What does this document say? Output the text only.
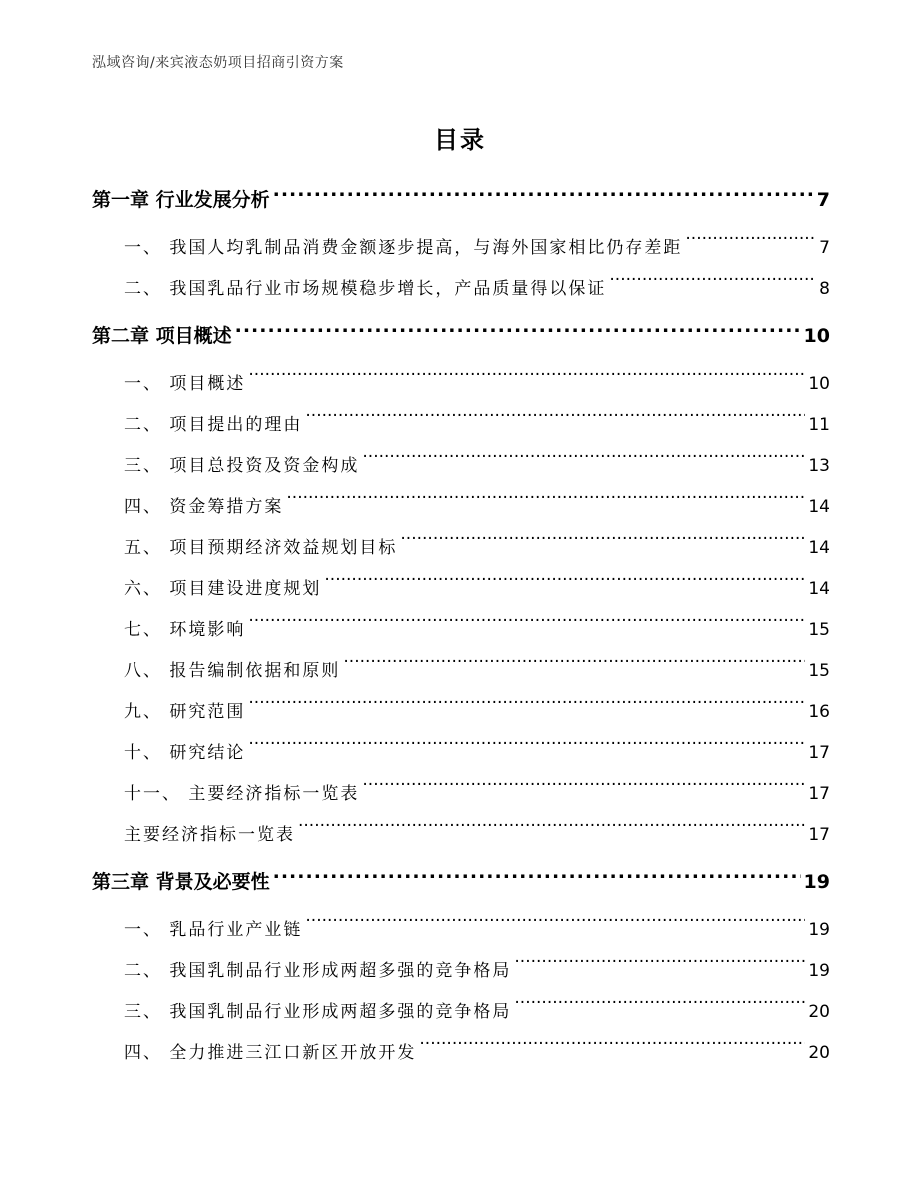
泓域咨询/来宾液态奶项目招商引资方案
目录
第一章 行业发展分析 .....	7
一、 我国人均乳制品消费金额逐步提高，与海外国家相比仍存差距 .....	7
二、 我国乳品行业市场规模稳步增长，产品质量得以保证 .....	8
第二章 项目概述 .....	10
一、 项目概述 .....	10
二、 项目提出的理由 .....	11
三、 项目总投资及资金构成 .....	13
四、 资金筹措方案 .....	14
五、 项目预期经济效益规划目标 .....	14
六、 项目建设进度规划 .....	14
七、 环境影响 .....	15
八、 报告编制依据和原则 .....	15
九、 研究范围 .....	16
十、 研究结论 .....	17
十一、 主要经济指标一览表 .....	17
主要经济指标一览表 .....	17
第三章 背景及必要性 .....	19
一、 乳品行业产业链 .....	19
二、 我国乳制品行业形成两超多强的竞争格局 .....	19
三、 我国乳制品行业形成两超多强的竞争格局 .....	20
四、 全力推进三江口新区开放开发 .....	20
